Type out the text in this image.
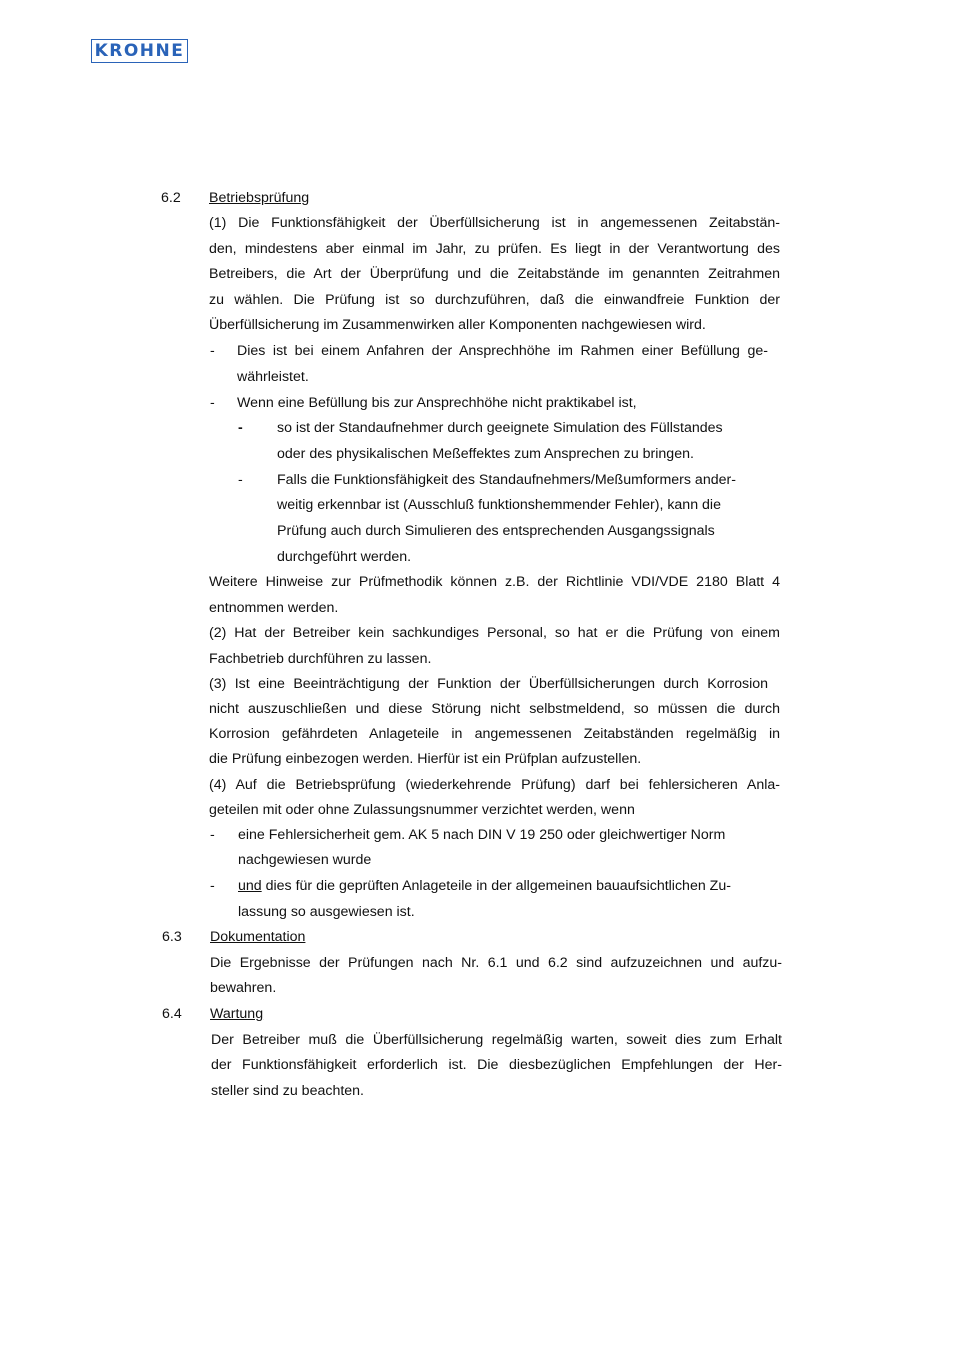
KROHNE
6.2 Betriebsprüfung
(1) Die Funktionsfähigkeit der Überfüllsicherung ist in angemessenen Zeitabstän-
den, mindestens aber einmal im Jahr, zu prüfen. Es liegt in der Verantwortung des
Betreibers, die Art der Überprüfung und die Zeitabstände im genannten Zeitrahmen
zu wählen. Die Prüfung ist so durchzuführen, daß die einwandfreie Funktion der
Überfüllsicherung im Zusammenwirken aller Komponenten nachgewiesen wird.
- Dies ist bei einem Anfahren der Ansprechhöhe im Rahmen einer Befüllung ge-
währleistet.
- Wenn eine Befüllung bis zur Ansprechhöhe nicht praktikabel ist,
- so ist der Standaufnehmer durch geeignete Simulation des Füllstandes
oder des physikalischen Meßeffektes zum Ansprechen zu bringen.
- Falls die Funktionsfähigkeit des Standaufnehmers/Meßumformers ander-
weitig erkennbar ist (Ausschluß funktionshemmender Fehler), kann die
Prüfung auch durch Simulieren des entsprechenden Ausgangssignals
durchgeführt werden.
Weitere Hinweise zur Prüfmethodik können z.B. der Richtlinie VDI/VDE 2180 Blatt 4
entnommen werden.
(2) Hat der Betreiber kein sachkundiges Personal, so hat er die Prüfung von einem
Fachbetrieb durchführen zu lassen.
(3) Ist eine Beeinträchtigung der Funktion der Überfüllsicherungen durch Korrosion
nicht auszuschließen und diese Störung nicht selbstmeldend, so müssen die durch
Korrosion gefährdeten Anlageteile in angemessenen Zeitabständen regelmäßig in
die Prüfung einbezogen werden. Hierfür ist ein Prüfplan aufzustellen.
(4) Auf die Betriebsprüfung (wiederkehrende Prüfung) darf bei fehlersicheren Anla-
geteilen mit oder ohne Zulassungsnummer verzichtet werden, wenn
- eine Fehlersicherheit gem. AK 5 nach DIN V 19 250 oder gleichwertiger Norm
nachgewiesen wurde
- und dies für die geprüften Anlageteile in der allgemeinen bauaufsichtlichen Zu-
lassung so ausgewiesen ist.
6.3 Dokumentation
Die Ergebnisse der Prüfungen nach Nr. 6.1 und 6.2 sind aufzuzeichnen und aufzu-
bewahren.
6.4 Wartung
Der Betreiber muß die Überfüllsicherung regelmäßig warten, soweit dies zum Erhalt
der Funktionsfähigkeit erforderlich ist. Die diesbezüglichen Empfehlungen der Her-
steller sind zu beachten.
